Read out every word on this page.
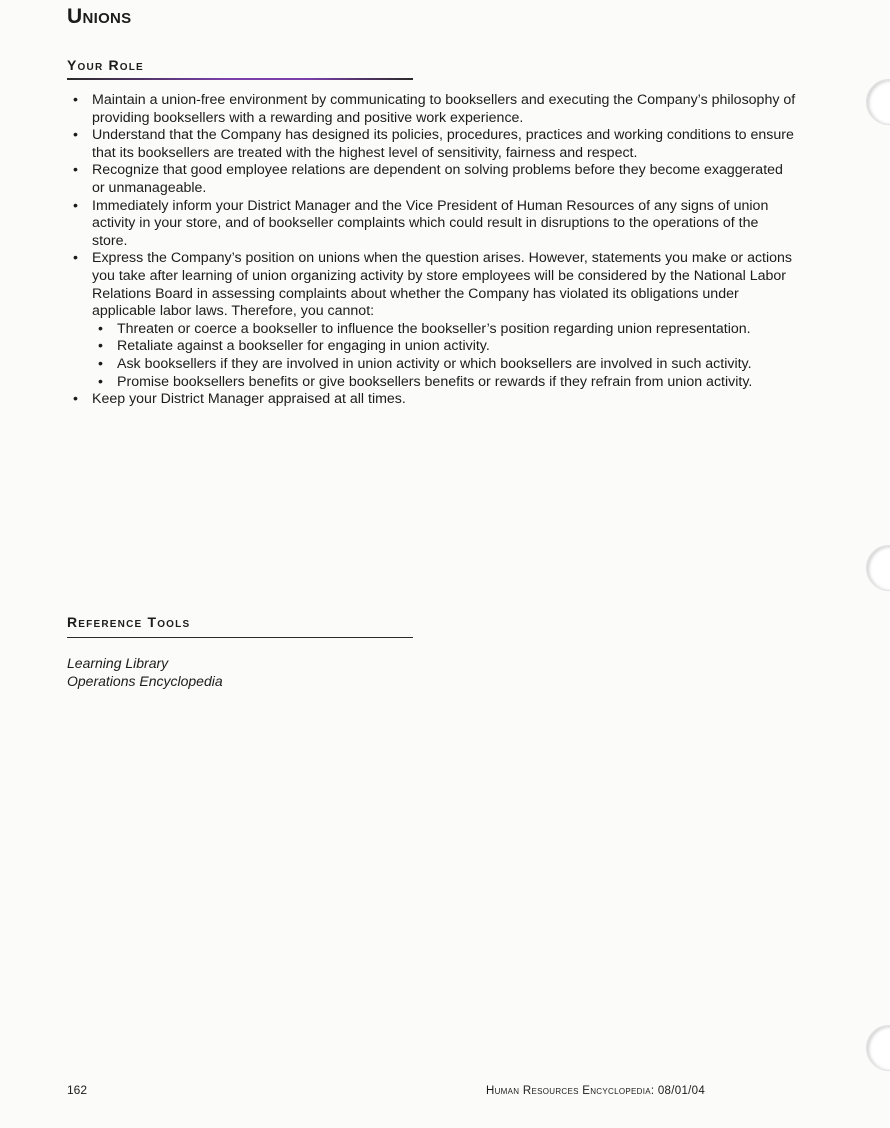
Unions
Your Role
• Maintain a union-free environment by communicating to booksellers and executing the Company’s philosophy of providing booksellers with a rewarding and positive work experience.
• Understand that the Company has designed its policies, procedures, practices and working conditions to ensure that its booksellers are treated with the highest level of sensitivity, fairness and respect.
• Recognize that good employee relations are dependent on solving problems before they become exaggerated or unmanageable.
• Immediately inform your District Manager and the Vice President of Human Resources of any signs of union activity in your store, and of bookseller complaints which could result in disruptions to the operations of the store.
• Express the Company’s position on unions when the question arises. However, statements you make or actions you take after learning of union organizing activity by store employees will be considered by the National Labor Relations Board in assessing complaints about whether the Company has violated its obligations under applicable labor laws. Therefore, you cannot:
• Threaten or coerce a bookseller to influence the bookseller’s position regarding union representation.
• Retaliate against a bookseller for engaging in union activity.
• Ask booksellers if they are involved in union activity or which booksellers are involved in such activity.
• Promise booksellers benefits or give booksellers benefits or rewards if they refrain from union activity.
• Keep your District Manager appraised at all times.
Reference Tools
Learning Library
Operations Encyclopedia
162	Human Resources Encyclopedia: 08/01/04
